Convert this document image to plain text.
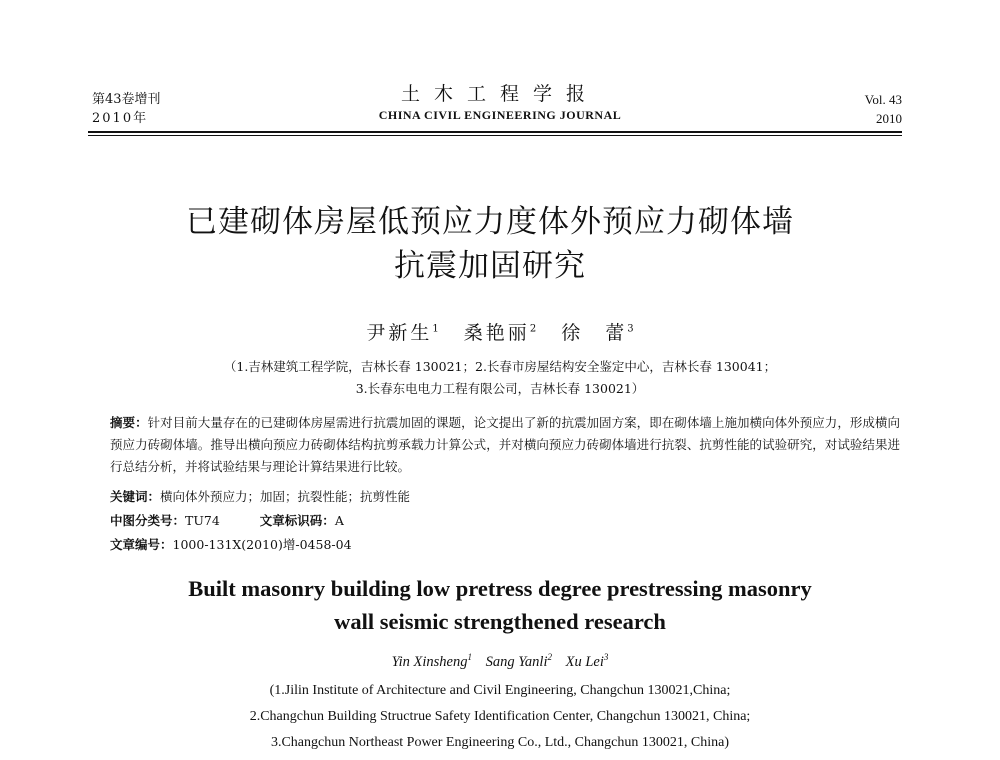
第43卷增刊
2010年
土木工程学报
CHINA CIVIL ENGINEERING JOURNAL
Vol. 43
2010
已建砌体房屋低预应力度体外预应力砌体墙
抗震加固研究
尹新生$^1$ 桑艳丽$^2$ 徐　蕾$^3$
（1.吉林建筑工程学院，吉林长春 130021；2.长春市房屋结构安全鉴定中心，吉林长春 130041；
3.长春东电电力工程有限公司，吉林长春 130021）
摘要：针对目前大量存在的已建砌体房屋需进行抗震加固的课题，论文提出了新的抗震加固方案，即在砌体墙上施加横向体外预应力，形成横向预应力砖砌体墙。推导出横向预应力砖砌体结构抗剪承载力计算公式，并对横向预应力砖砌体墙进行抗裂、抗剪性能的试验研究，对试验结果进行总结分析，并将试验结果与理论计算结果进行比较。
关键词：横向体外预应力；加固；抗裂性能；抗剪性能
中图分类号：TU74	文章标识码：A
文章编号：1000-131X(2010)增-0458-04
Built masonry building low pretress degree prestressing masonry
wall seismic strengthened research
Yin Xinsheng$^1$ Sang Yanli$^2$ Xu Lei$^3$
(1.Jilin Institute of Architecture and Civil Engineering, Changchun 130021,China;
2.Changchun Building Structrue Safety Identification Center, Changchun 130021, China;
3.Changchun Northeast Power Engineering Co., Ltd., Changchun 130021, China)
